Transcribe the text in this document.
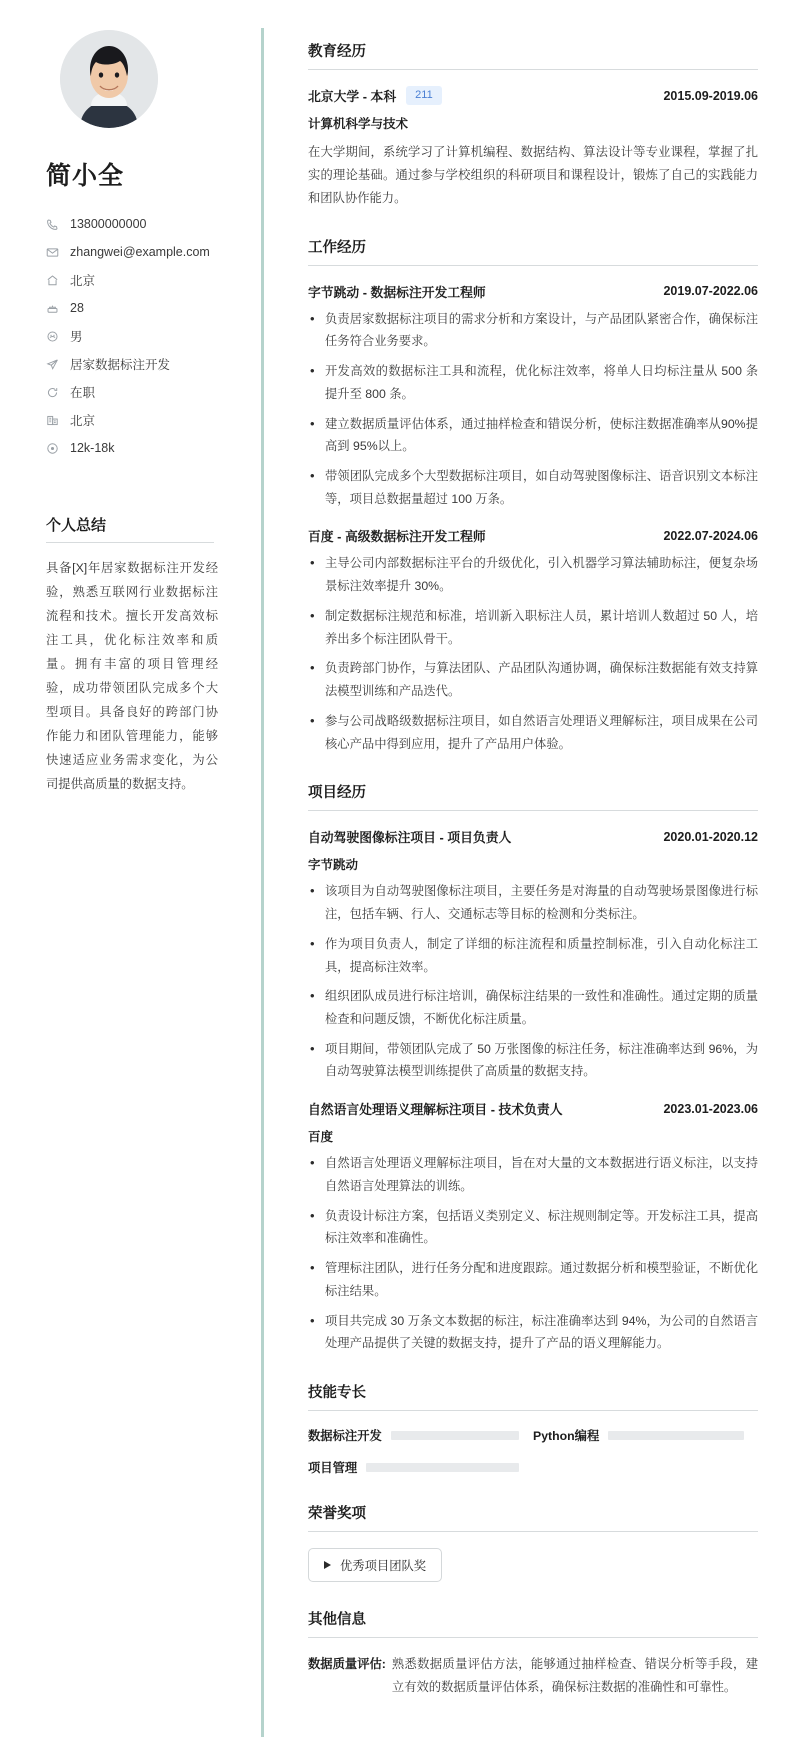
简小全
13800000000
zhangwei@example.com
北京
28
男
居家数据标注开发
在职
北京
12k-18k
个人总结

具备[X]年居家数据标注开发经验，熟悉互联网行业数据标注流程和技术。擅长开发高效标注工具，优化标注效率和质量。拥有丰富的项目管理经验，成功带领团队完成多个大型项目。具备良好的跨部门协作能力和团队管理能力，能够快速适应业务需求变化，为公司提供高质量的数据支持。

教育经历
北京大学 - 本科	211	2015.09-2019.06
计算机科学与技术

在大学期间，系统学习了计算机编程、数据结构、算法设计等专业课程，掌握了扎实的理论基础。通过参与学校组织的科研项目和课程设计，锻炼了自己的实践能力和团队协作能力。

工作经历
字节跳动 - 数据标注开发工程师	2019.07-2022.06
• 负责居家数据标注项目的需求分析和方案设计，与产品团队紧密合作，确保标注任务符合业务要求。
• 开发高效的数据标注工具和流程，优化标注效率，将单人日均标注量从 500 条提升至 800 条。
• 建立数据质量评估体系，通过抽样检查和错误分析，使标注数据准确率从90%提高到 95%以上。
• 带领团队完成多个大型数据标注项目，如自动驾驶图像标注、语音识别文本标注等，项目总数据量超过 100 万条。
百度 - 高级数据标注开发工程师	2022.07-2024.06
• 主导公司内部数据标注平台的升级优化，引入机器学习算法辅助标注，便复杂场景标注效率提升 30%。
• 制定数据标注规范和标准，培训新入职标注人员，累计培训人数超过 50 人，培养出多个标注团队骨干。
• 负责跨部门协作，与算法团队、产品团队沟通协调，确保标注数据能有效支持算法模型训练和产品迭代。
• 参与公司战略级数据标注项目，如自然语言处理语义理解标注，项目成果在公司核心产品中得到应用，提升了产品用户体验。
项目经历
自动驾驶图像标注项目 - 项目负责人	2020.01-2020.12
字节跳动
• 该项目为自动驾驶图像标注项目，主要任务是对海量的自动驾驶场景图像进行标注，包括车辆、行人、交通标志等目标的检测和分类标注。
• 作为项目负责人，制定了详细的标注流程和质量控制标准，引入自动化标注工具，提高标注效率。
• 组织团队成员进行标注培训，确保标注结果的一致性和准确性。通过定期的质量检查和问题反馈，不断优化标注质量。
• 项目期间，带领团队完成了 50 万张图像的标注任务，标注准确率达到 96%，为自动驾驶算法模型训练提供了高质量的数据支持。
自然语言处理语义理解标注项目 - 技术负责人	2023.01-2023.06
百度
• 自然语言处理语义理解标注项目，旨在对大量的文本数据进行语义标注，以支持自然语言处理算法的训练。
• 负责设计标注方案，包括语义类别定义、标注规则制定等。开发标注工具，提高标注效率和准确性。
• 管理标注团队，进行任务分配和进度跟踪。通过数据分析和模型验证，不断优化标注结果。
• 项目共完成 30 万条文本数据的标注，标注准确率达到 94%，为公司的自然语言处理产品提供了关键的数据支持，提升了产品的语义理解能力。
技能专长
数据标注开发	Python编程
项目管理
荣誉奖项
优秀项目团队奖
其他信息
数据质量评估: 熟悉数据质量评估方法，能够通过抽样检查、错误分析等手段，建立有效的数据质量评估体系，确保标注数据的准确性和可靠性。
